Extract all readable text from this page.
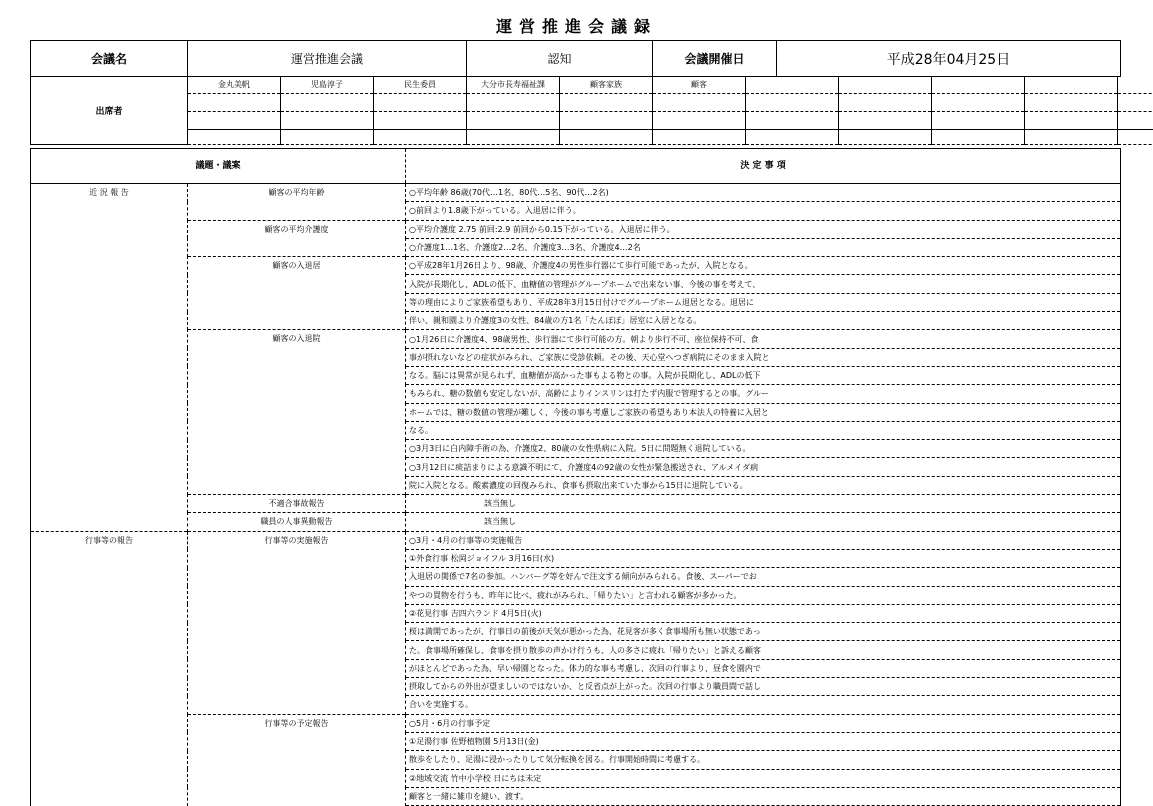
運営推進会議録
会議名	運営推進会議	認知	会議開催日	平成28年04月25日
出席者	金丸美帆	児島淳子	民生委員	大分市長寿福祉課	顧客家族	顧客					

議題・議案		決 定 事 項
近 況 報 告	顧客の平均年齢	○平均年齢 86歳(70代…1名、80代…5名、90代…2名)
		○前回より1.8歳下がっている。入退居に伴う。
	顧客の平均介護度	○平均介護度 2.75 前回:2.9 前回から0.15下がっている。入退居に伴う。
		○介護度1…1名、介護度2…2名、介護度3…3名、介護度4…2名
	顧客の入退居	○平成28年1月26日より、98歳、介護度4の男性歩行器にて歩行可能であったが、入院となる。
		入院が長期化し、ADLの低下、血糖値の管理がグループホームで出来ない事、今後の事を考えて、
		等の理由によりご家族希望もあり、平成28年3月15日付けでグループホーム退居となる。退居に
		伴い、親和園より介護度3の女性、84歳の方1名「たんぽぽ」居室に入居となる。
	顧客の入退院	○1月26日に介護度4、98歳男性、歩行器にて歩行可能の方。朝より歩行不可、座位保持不可、食
		事が摂れないなどの症状がみられ、ご家族に受診依頼。その後、天心堂へつぎ病院にそのまま入院と
		なる。脳には異常が見られず、血糖値が高かった事もよる物との事。入院が長期化し、ADLの低下
		もみられ、糖の数値も安定しないが、高齢によりインスリンは打たず内服で管理するとの事。グルー
		ホームでは、糖の数値の管理が難しく、今後の事も考慮しご家族の希望もあり本法人の特養に入居と
		なる。
		○3月3日に白内障手術の為、介護度2、80歳の女性県病に入院。5日に問題無く退院している。
		○3月12日に痰詰まりによる意識不明にて、介護度4の92歳の女性が緊急搬送され、アルメイダ病
		院に入院となる。酸素濃度の回復みられ、食事も摂取出来ていた事から15日に退院している。
	不適合事故報告	該当無し
	職員の人事異動報告	該当無し
行事等の報告	行事等の実施報告	○3月・4月の行事等の実施報告
		①外食行事 松岡ジョイフル 3月16日(水)
		入退居の関係で7名の参加。ハンバーグ等を好んで注文する傾向がみられる。食後、スーパーでお
		やつの買物を行うも、昨年に比べ、疲れがみられ、「帰りたい」と言われる顧客が多かった。
		②花見行事 吉四六ランド 4月5日(火)
		桜は満開であったが、行事日の前後が天気が悪かった為、花見客が多く食事場所も無い状態であっ
		た。食事場所確保し、食事を摂り散歩の声かけ行うも、人の多さに疲れ「帰りたい」と訴える顧客
		がほとんどであった為、早い帰園となった。体力的な事も考慮し、次回の行事より、昼食を園内で
		摂取してからの外出が望ましいのではないか、と反省点が上がった。次回の行事より職員間で話し
		合いを実施する。
	行事等の予定報告	○5月・6月の行事予定
		①足湯行事 佐野植物園 5月13日(金)
		散歩をしたり、足湯に浸かったりして気分転換を図る。行事開始時間に考慮する。
		②地域交流 竹中小学校 日にちは未定
		顧客と一緒に雑巾を縫い、渡す。
